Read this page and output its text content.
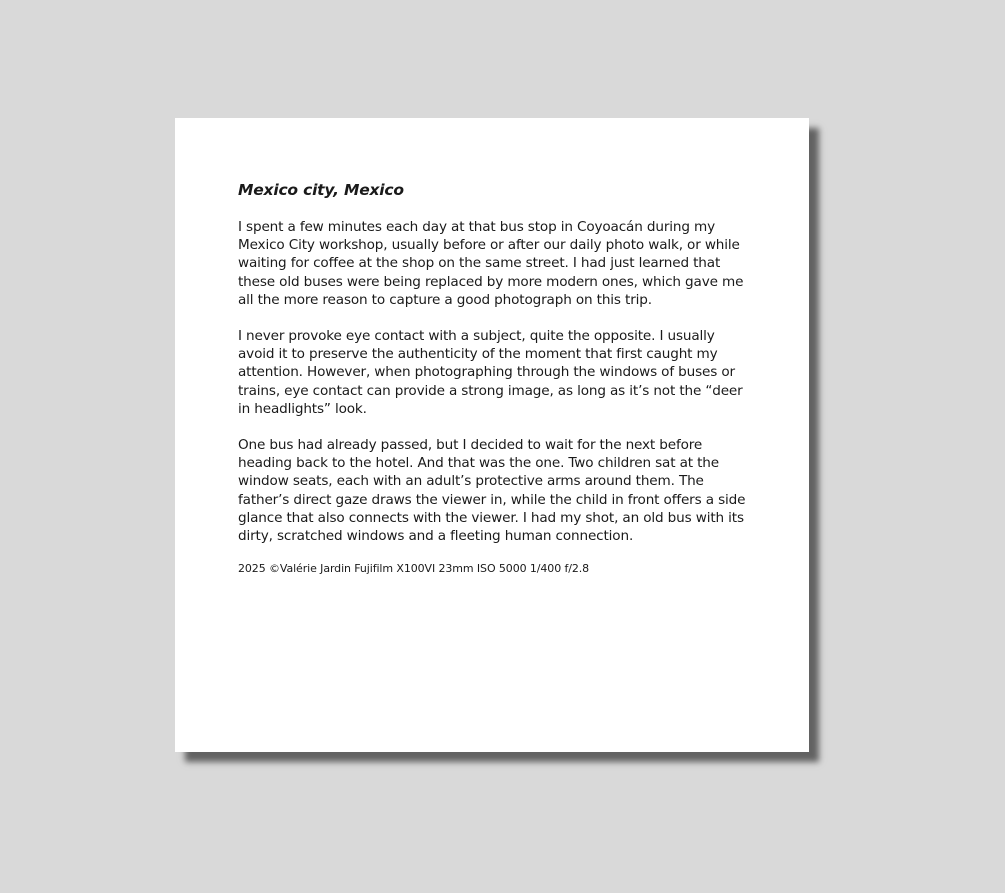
Mexico city, Mexico

I spent a few minutes each day at that bus stop in Coyoacán during my Mexico City workshop, usually before or after our daily photo walk, or while waiting for coffee at the shop on the same street. I had just learned that these old buses were being replaced by more modern ones, which gave me all the more reason to capture a good photograph on this trip.

I never provoke eye contact with a subject, quite the opposite. I usually avoid it to preserve the authenticity of the moment that first caught my attention. However, when photographing through the windows of buses or trains, eye contact can provide a strong image, as long as it’s not the “deer in headlights” look.

One bus had already passed, but I decided to wait for the next before heading back to the hotel. And that was the one. Two children sat at the window seats, each with an adult’s protective arms around them. The father’s direct gaze draws the viewer in, while the child in front offers a side glance that also connects with the viewer. I had my shot, an old bus with its dirty, scratched windows and a fleeting human connection.

2025 ©Valérie Jardin Fujifilm X100VI 23mm ISO 5000 1/400 f/2.8
